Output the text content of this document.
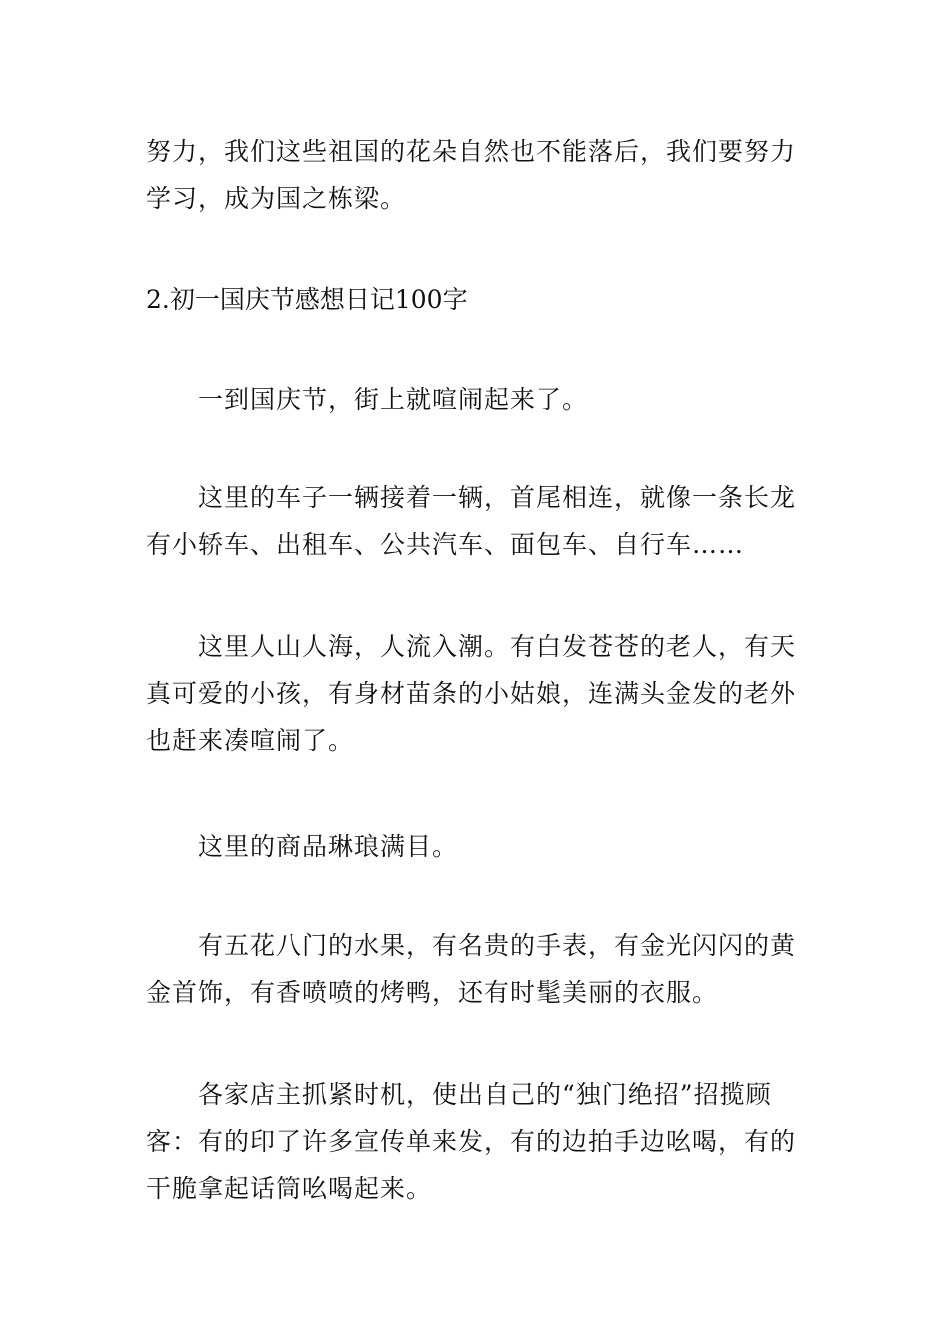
努力，我们这些祖国的花朵自然也不能落后，我们要努力学习，成为国之栋梁。
2.初一国庆节感想日记100字
一到国庆节，街上就喧闹起来了。
这里的车子一辆接着一辆，首尾相连，就像一条长龙有小轿车、出租车、公共汽车、面包车、自行车……
这里人山人海，人流入潮。有白发苍苍的老人，有天真可爱的小孩，有身材苗条的小姑娘，连满头金发的老外也赶来凑喧闹了。
这里的商品琳琅满目。
有五花八门的水果，有名贵的手表，有金光闪闪的黄金首饰，有香喷喷的烤鸭，还有时髦美丽的衣服。
各家店主抓紧时机，使出自己的“独门绝招”招揽顾客：有的印了许多宣传单来发，有的边拍手边吆喝，有的干脆拿起话筒吆喝起来。
